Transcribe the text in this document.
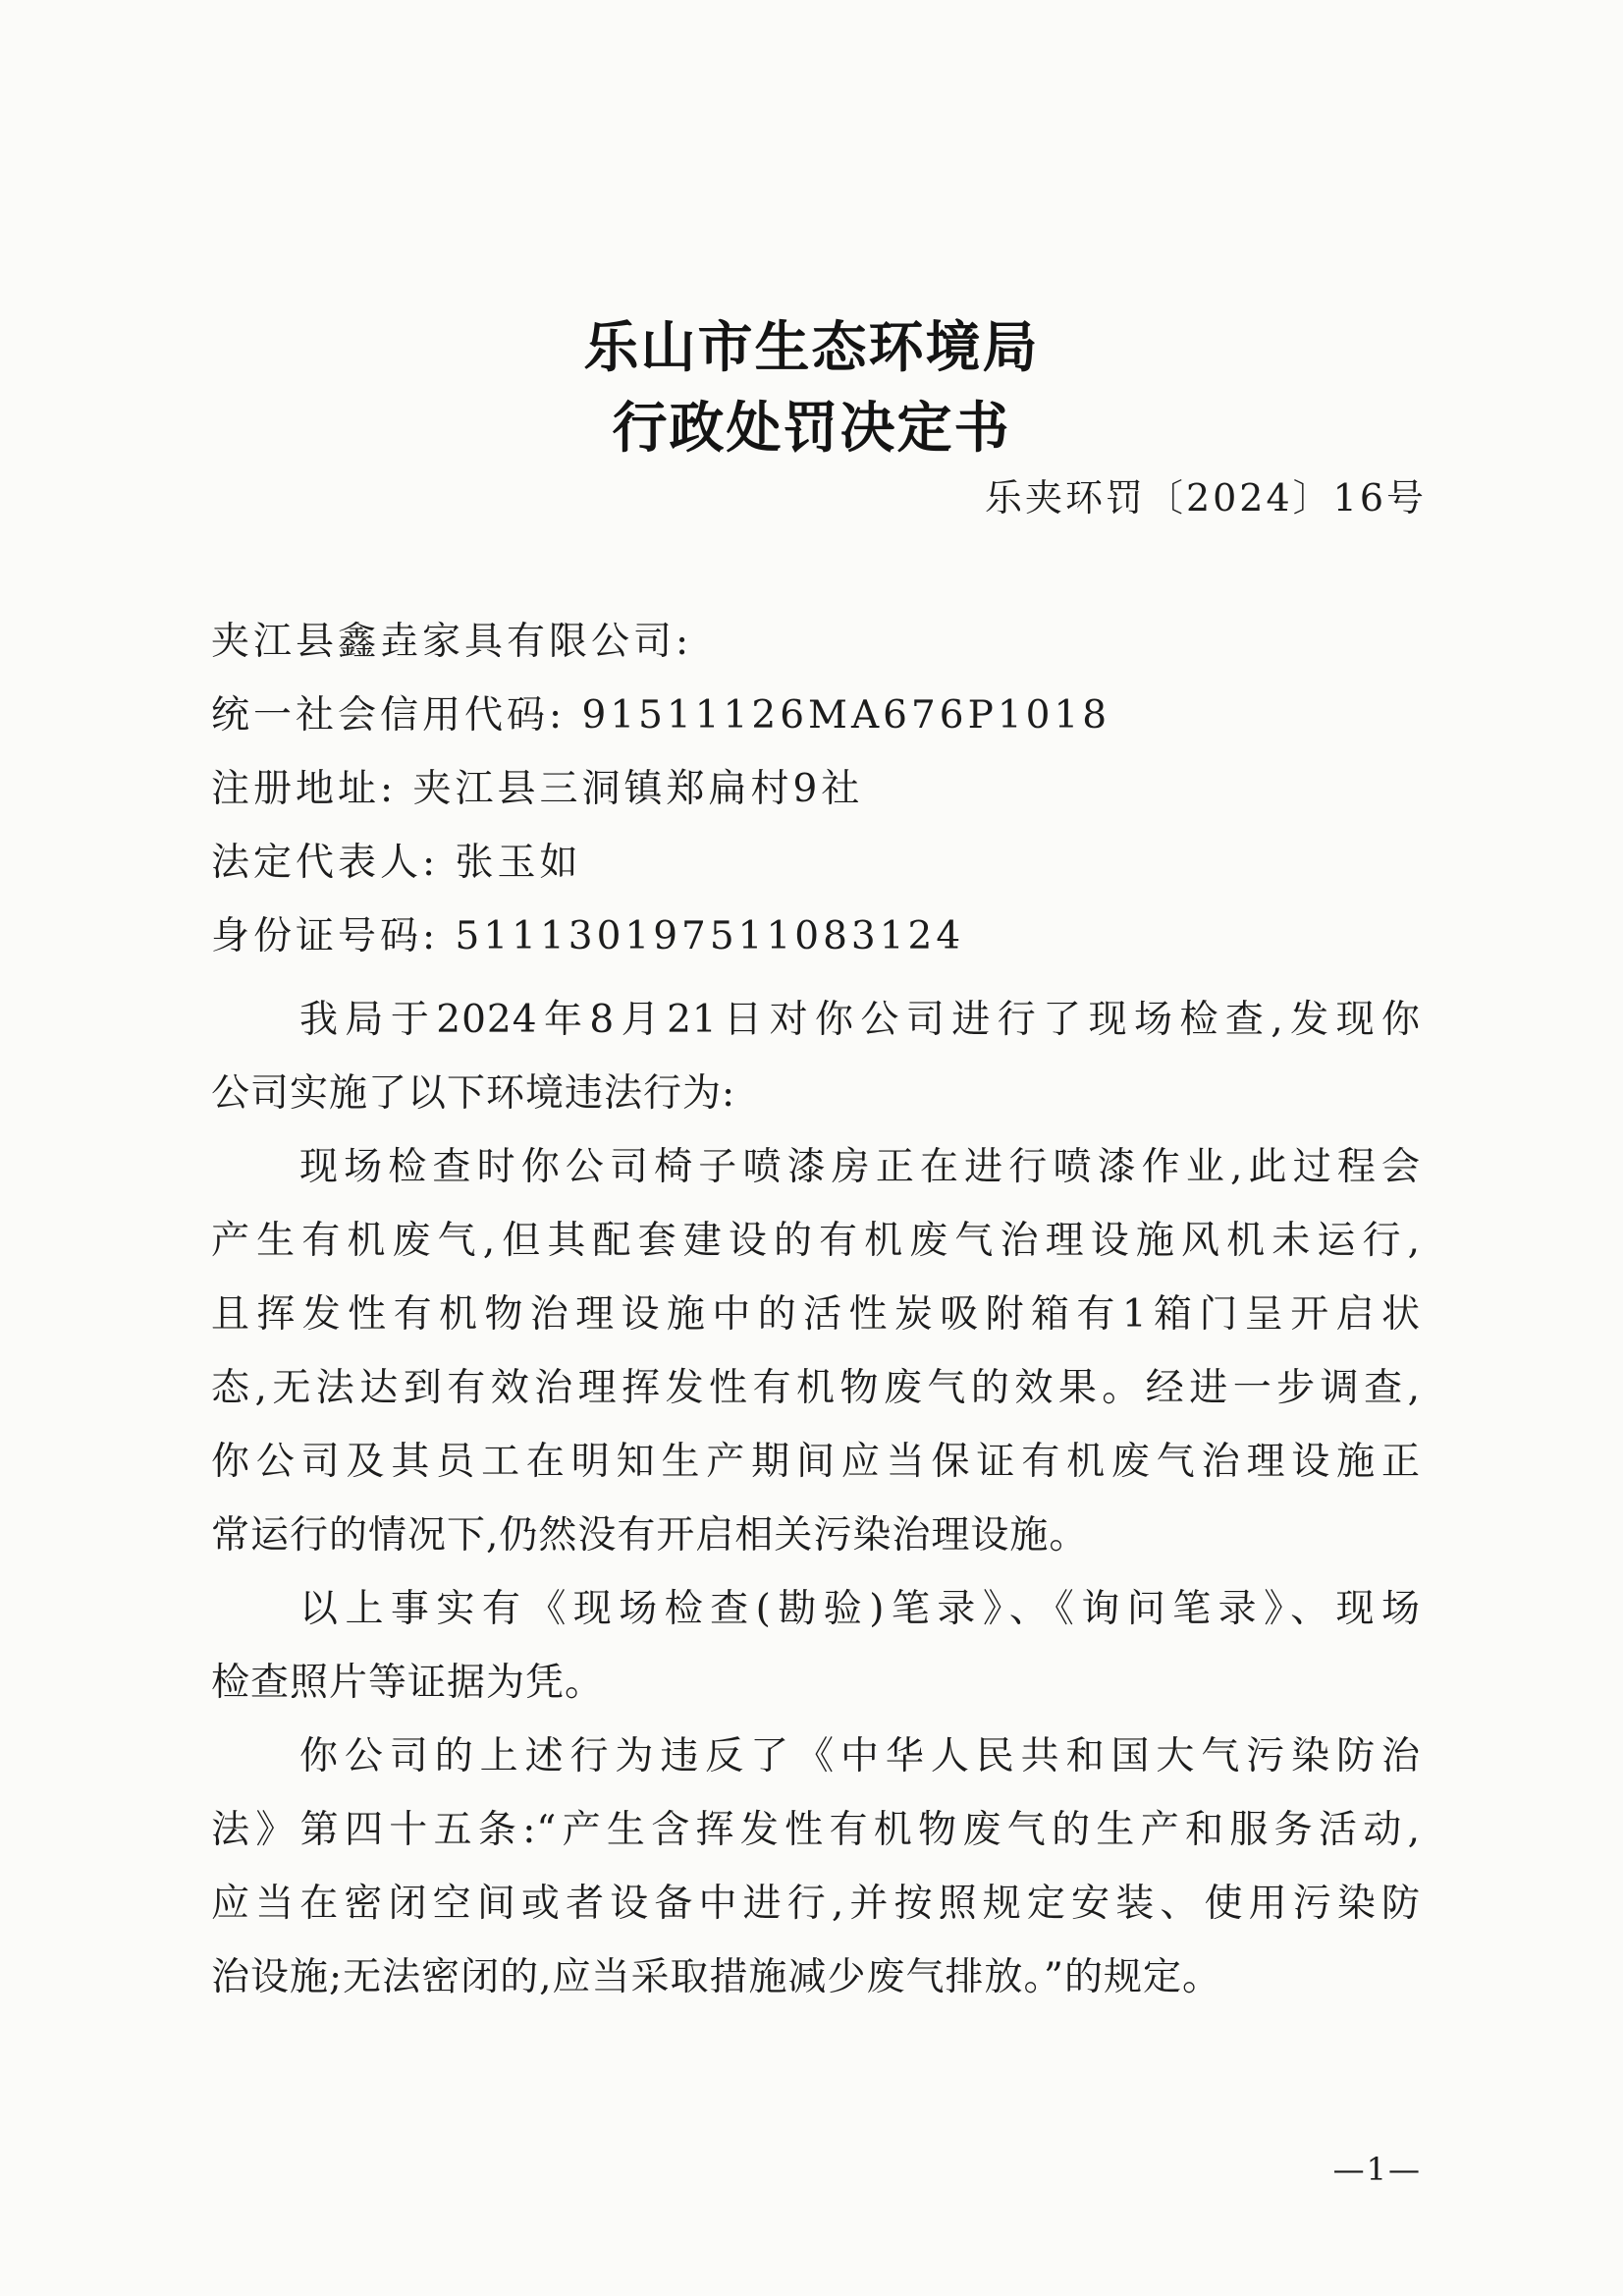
乐山市生态环境局
行政处罚决定书
乐夹环罚〔2024〕16号
夹江县鑫垚家具有限公司:
统一社会信用代码: 91511126MA676P1018
注册地址: 夹江县三洞镇郑扁村9社
法定代表人: 张玉如
身份证号码: 511130197511083124
我局于2024年8月21日对你公司进行了现场检查,发现你
公司实施了以下环境违法行为:
现场检查时你公司椅子喷漆房正在进行喷漆作业,此过程会
产生有机废气,但其配套建设的有机废气治理设施风机未运行,
且挥发性有机物治理设施中的活性炭吸附箱有1箱门呈开启状
态,无法达到有效治理挥发性有机物废气的效果。经进一步调查,
你公司及其员工在明知生产期间应当保证有机废气治理设施正
常运行的情况下,仍然没有开启相关污染治理设施。
以上事实有《现场检查(勘验)笔录》、《询问笔录》、现场
检查照片等证据为凭。
你公司的上述行为违反了《中华人民共和国大气污染防治
法》第四十五条:“产生含挥发性有机物废气的生产和服务活动,
应当在密闭空间或者设备中进行,并按照规定安装、使用污染防
治设施;无法密闭的,应当采取措施减少废气排放。”的规定。
—1—
